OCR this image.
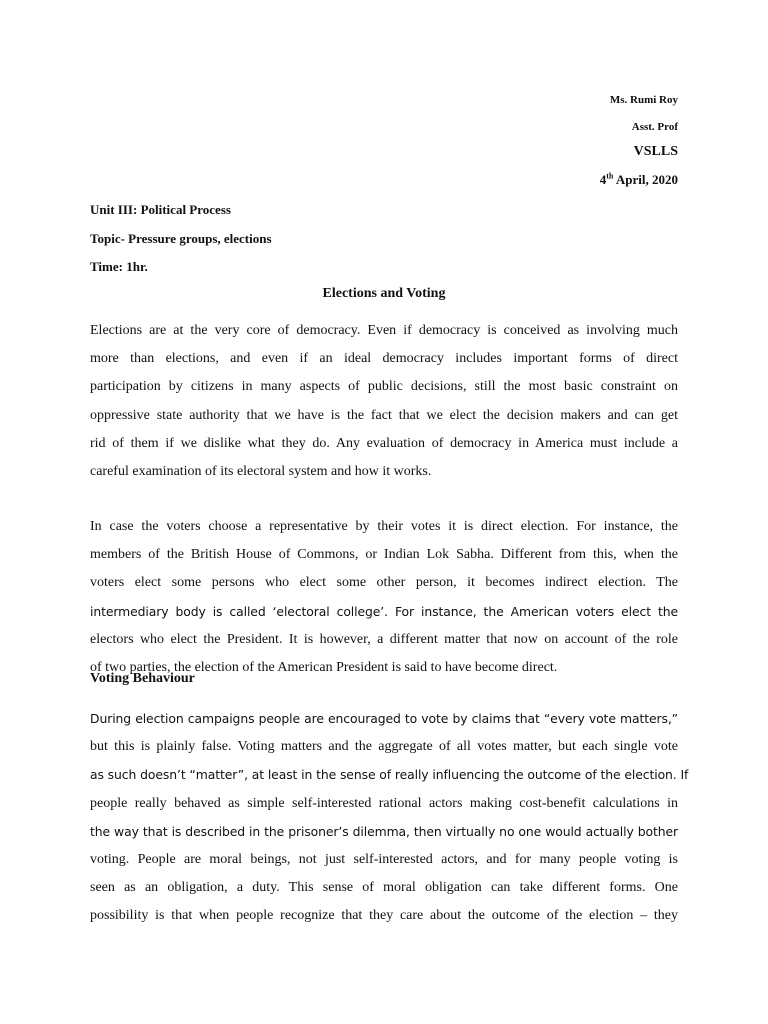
Ms. Rumi Roy
Asst. Prof
VSLLS
4th April, 2020
Unit III: Political Process
Topic- Pressure groups, elections
Time: 1hr.
Elections and Voting

Elections are at the very core of democracy. Even if democracy is conceived as involving much
more than elections, and even if an ideal democracy includes important forms of direct
participation by citizens in many aspects of public decisions, still the most basic constraint on
oppressive state authority that we have is the fact that we elect the decision makers and can get
rid of them if we dislike what they do. Any evaluation of democracy in America must include a
careful examination of its electoral system and how it works.

In case the voters choose a representative by their votes it is direct election. For instance, the
members of the British House of Commons, or Indian Lok Sabha. Different from this, when the
voters elect some persons who elect some other person, it becomes indirect election. The
intermediary body is called ‘electoral college’. For instance, the American voters elect the
electors who elect the President. It is however, a different matter that now on account of the role
of two parties, the election of the American President is said to have become direct.

Voting Behaviour

During election campaigns people are encouraged to vote by claims that “every vote matters,”
but this is plainly false. Voting matters and the aggregate of all votes matter, but each single vote
as such doesn’t “matter”, at least in the sense of really influencing the outcome of the election. If
people really behaved as simple self-interested rational actors making cost-benefit calculations in
the way that is described in the prisoner’s dilemma, then virtually no one would actually bother
voting. People are moral beings, not just self-interested actors, and for many people voting is
seen as an obligation, a duty. This sense of moral obligation can take different forms. One
possibility is that when people recognize that they care about the outcome of the election – they
